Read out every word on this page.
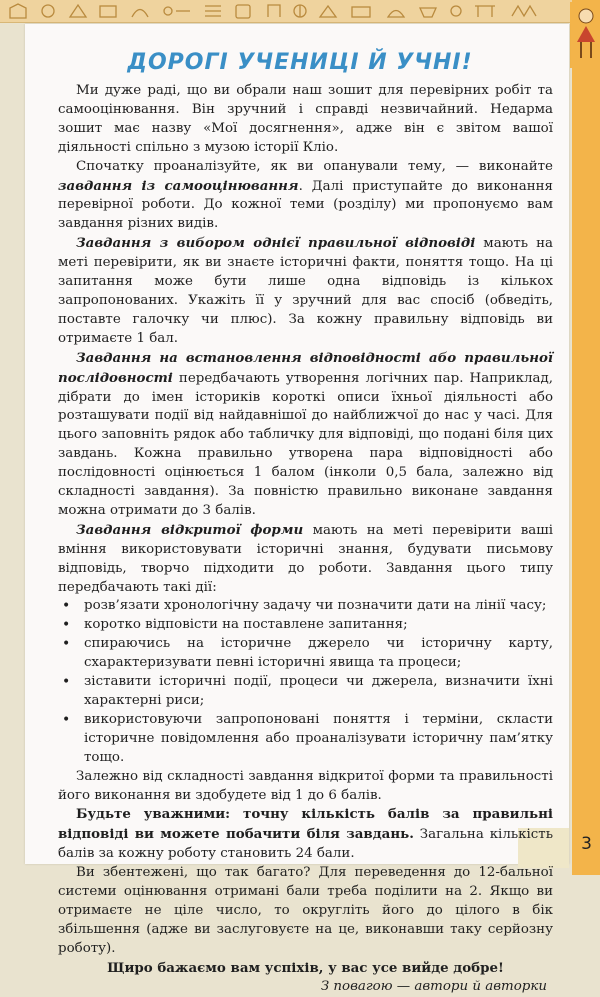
ДОРОГІ УЧЕНИЦІ Й УЧНІ!

Ми дуже раді, що ви обрали наш зошит для перевірних робіт та самооцінювання. Він зручний і справді незвичайний. Недарма зошит має назву «Мої досягнення», адже він є звітом вашої діяльності спільно з музою історії Кліо.

Спочатку проаналізуйте, як ви опанували тему, — виконайте завдання із самооцінювання. Далі приступайте до виконання перевірної роботи. До кожної теми (розділу) ми пропонуємо вам завдання різних видів.

Завдання з вибором однієї правильної відповіді мають на меті перевірити, як ви знаєте історичні факти, поняття тощо. На ці запитання може бути лише одна відповідь із кількох запропонованих. Укажіть її у зручний для вас спосіб (обведіть, поставте галочку чи плюс). За кожну правильну відповідь ви отримаєте 1 бал.

Завдання на встановлення відповідності або правильної послідовності передбачають утворення логічних пар. Наприклад, дібрати до імен істориків короткі описи їхньої діяльності або розташувати події від найдавнішої до найближчої до нас у часі. Для цього заповніть рядок або табличку для відповіді, що подані біля цих завдань. Кожна правильно утворена пара відповідності або послідовності оцінюється 1 балом (інколи 0,5 бала, залежно від складності завдання). За повністю правильно виконане завдання можна отримати до 3 балів.

Завдання відкритої форми мають на меті перевірити ваші вміння використовувати історичні знання, будувати письмову відповідь, творчо підходити до роботи. Завдання цього типу передбачають такі дії:

• розв’язати хронологічну задачу чи позначити дати на лінії часу;
• коротко відповісти на поставлене запитання;
• спираючись на історичне джерело чи історичну карту, схарактеризувати певні історичні явища та процеси;
• зіставити історичні події, процеси чи джерела, визначити їхні характерні риси;
• використовуючи запропоновані поняття і терміни, скласти історичне повідомлення або проаналізувати історичну пам’ятку тощо.

Залежно від складності завдання відкритої форми та правильності його виконання ви здобудете від 1 до 6 балів.

Будьте уважними: точну кількість балів за правильні відповіді ви можете побачити біля завдань. Загальна кількість балів за кожну роботу становить 24 бали.

Ви збентежені, що так багато? Для переведення до 12-бальної системи оцінювання отримані бали треба поділити на 2. Якщо ви отримаєте не ціле число, то округліть його до цілого в бік збільшення (адже ви заслуговуєте на це, виконавши таку серйозну роботу).

Щиро бажаємо вам успіхів, у вас усе вийде добре!

З повагою — автори й авторки

3
